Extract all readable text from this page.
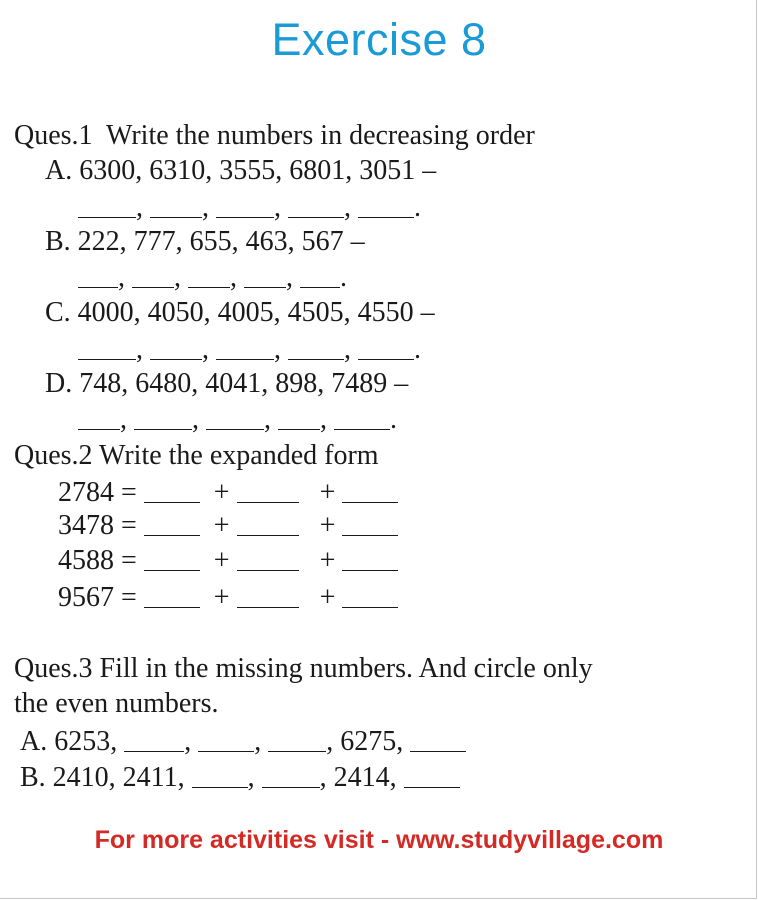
Exercise 8
Ques.1  Write the numbers in decreasing order
A. 6300, 6310, 3555, 6801, 3051 –
, , , , .
B. 222, 777, 655, 463, 567 –
, , , , .
C. 4000, 4050, 4005, 4505, 4550 –
, , , , .
D. 748, 6480, 4041, 898, 7489 –
, , , , .
Ques.2 Write the expanded form
2784 =	+	+
3478 =	+	+
4588 =	+	+
9567 =	+	+
Ques.3 Fill in the missing numbers. And circle only
the even numbers.
A. 6253, , , , 6275,
B. 2410, 2411, , , 2414,
For more activities visit - www.studyvillage.com
